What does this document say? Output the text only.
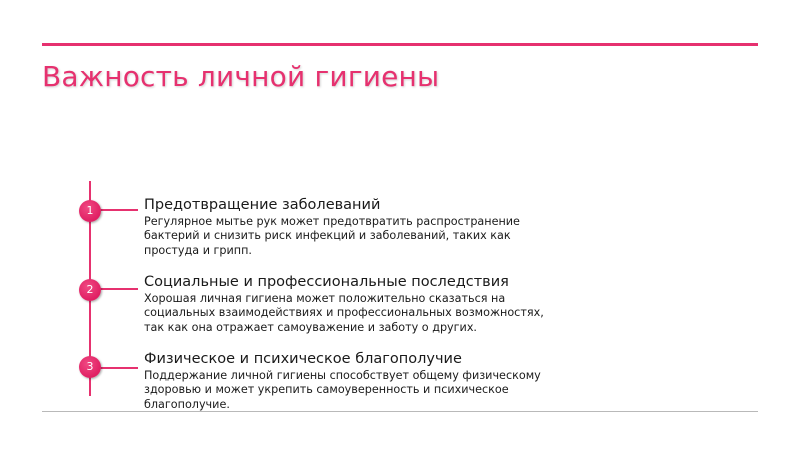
Важность личной гигиены
1	Предотвращение заболеваний
Регулярное мытье рук может предотвратить распространение бактерий и снизить риск инфекций и заболеваний, таких как простуда и грипп.
2	Социальные и профессиональные последствия
Хорошая личная гигиена может положительно сказаться на социальных взаимодействиях и профессиональных возможностях, так как она отражает самоуважение и заботу о других.
3	Физическое и психическое благополучие
Поддержание личной гигиены способствует общему физическому здоровью и может укрепить самоуверенность и психическое благополучие.
